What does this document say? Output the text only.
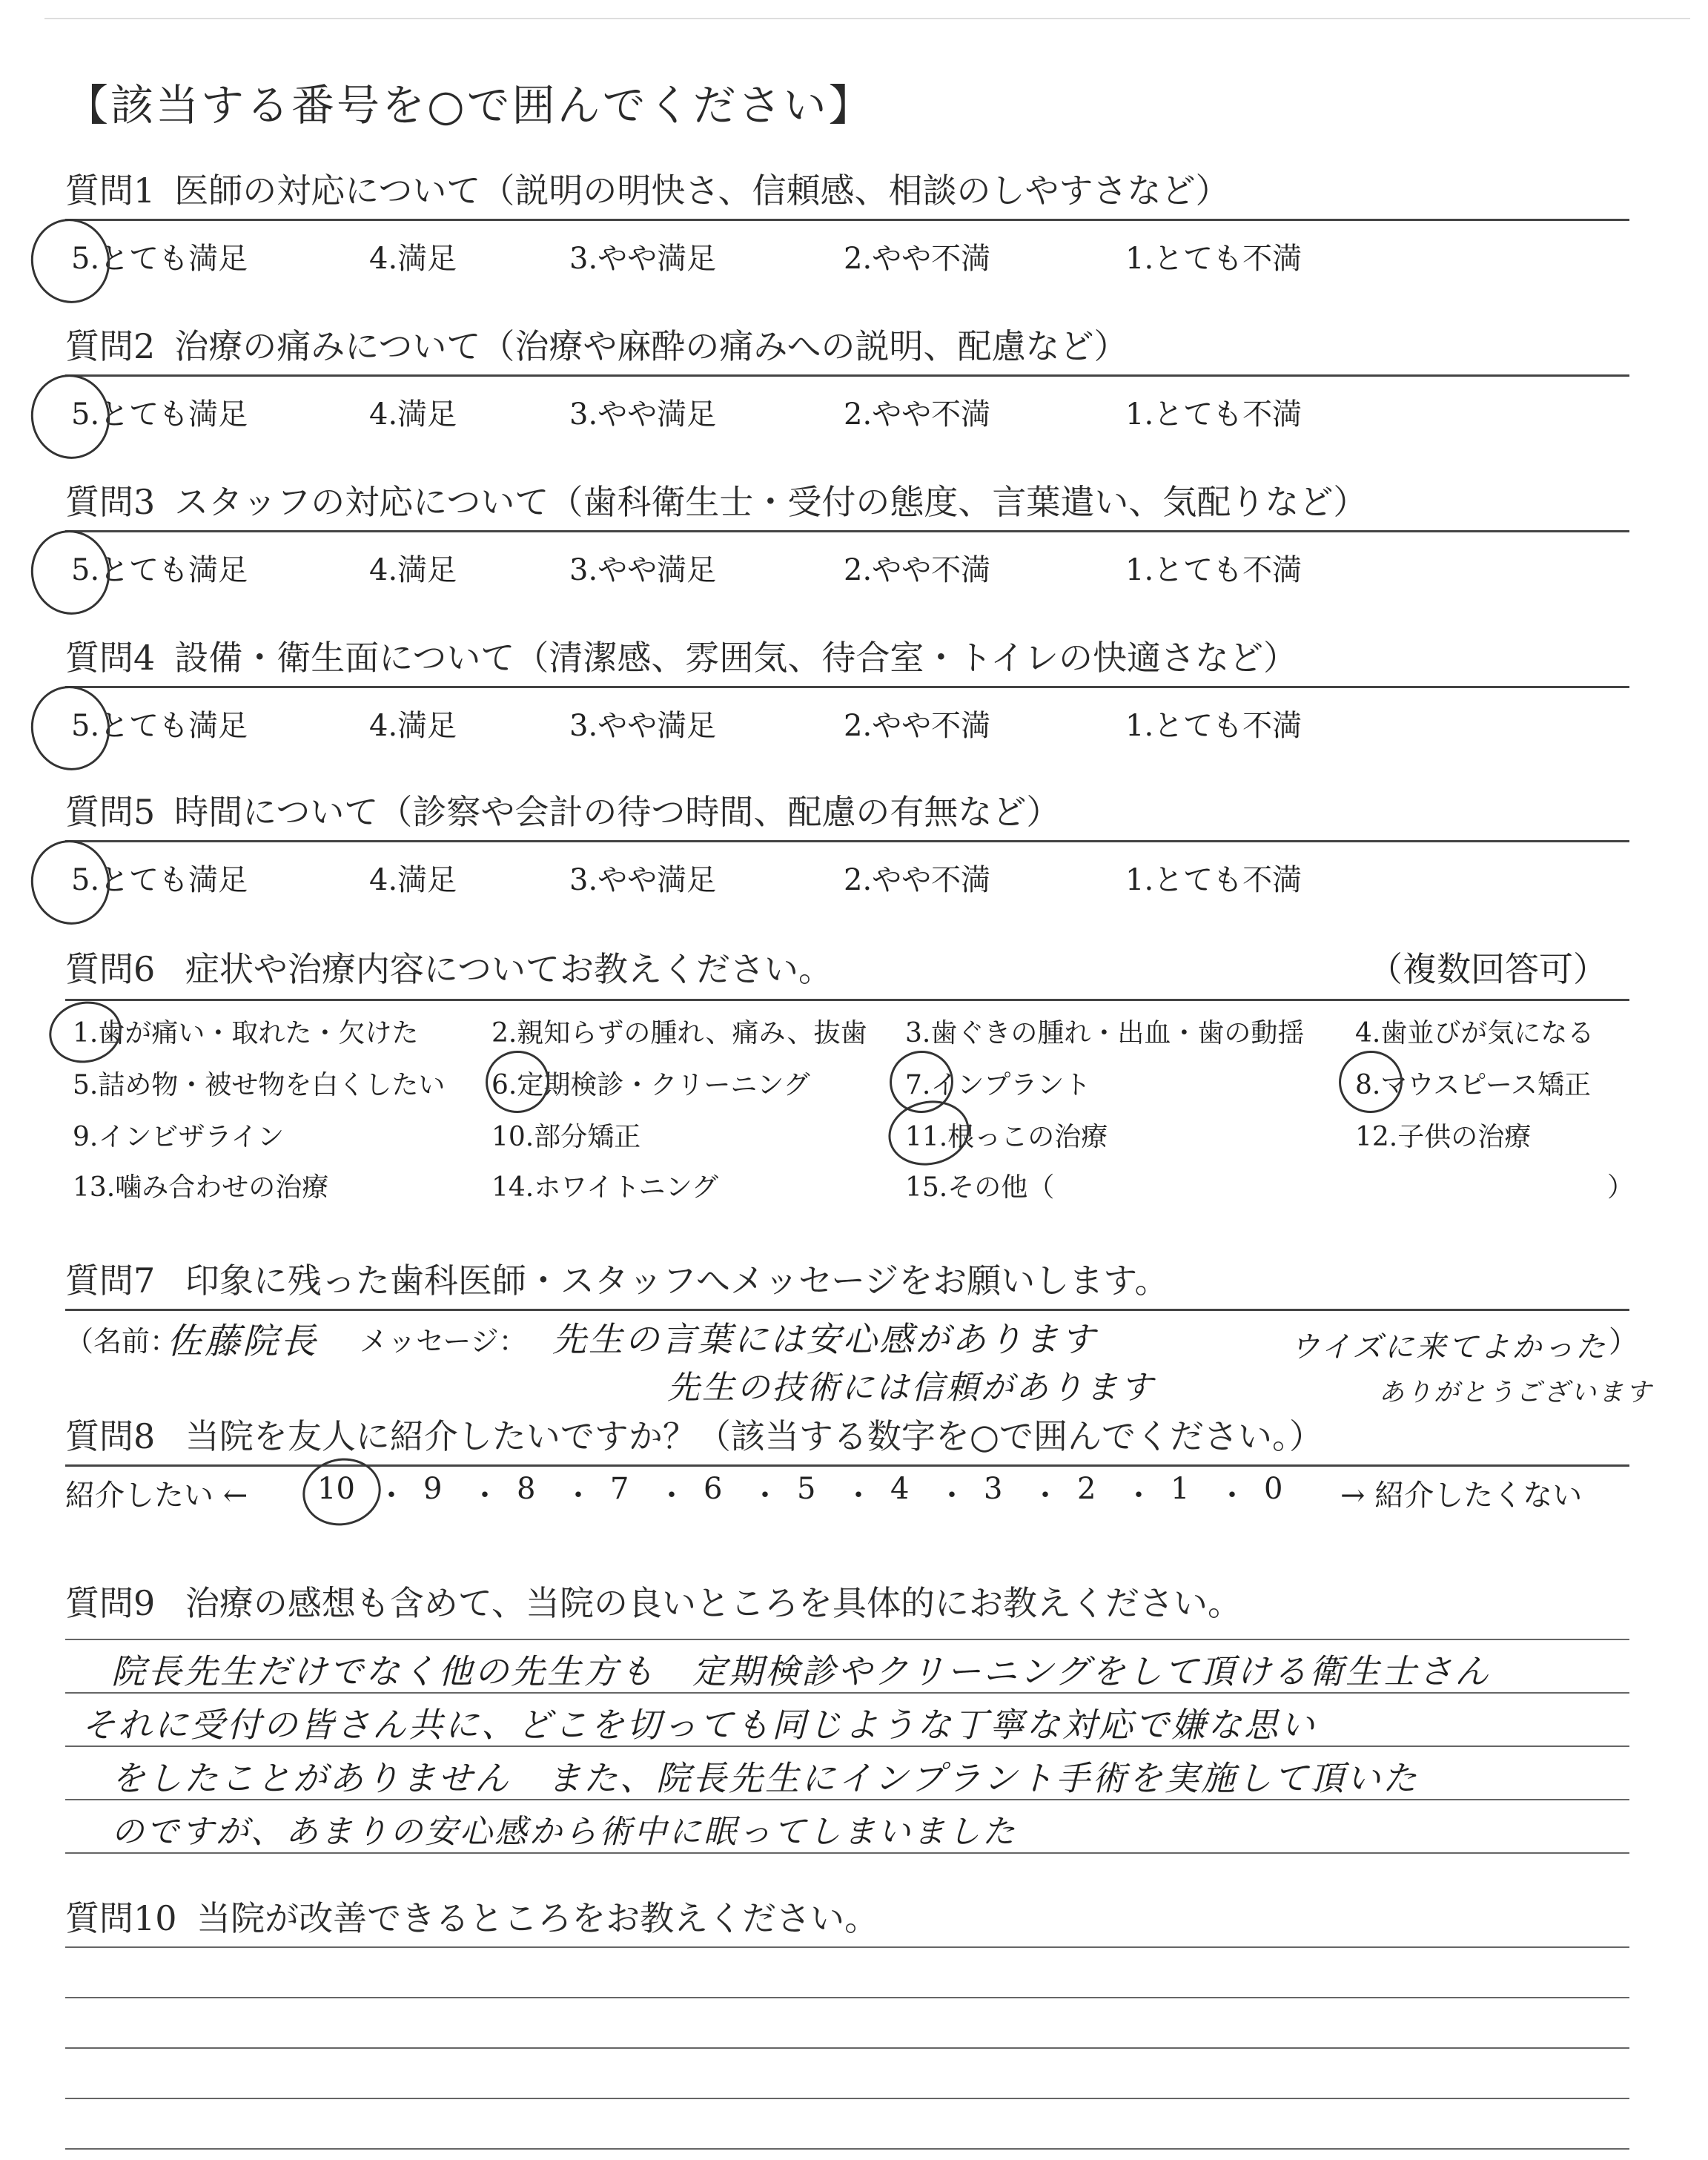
【該当する番号を○で囲んでください】
質問1 医師の対応について（説明の明快さ、信頼感、相談のしやすさなど）
5.とても満足	4.満足	3.やや満足	2.やや不満	1.とても不満
質問2 治療の痛みについて（治療や麻酔の痛みへの説明、配慮など）
5.とても満足	4.満足	3.やや満足	2.やや不満	1.とても不満
質問3 スタッフの対応について（歯科衛生士・受付の態度、言葉遣い、気配りなど）
5.とても満足	4.満足	3.やや満足	2.やや不満	1.とても不満
質問4 設備・衛生面について（清潔感、雰囲気、待合室・トイレの快適さなど）
5.とても満足	4.満足	3.やや満足	2.やや不満	1.とても不満
質問5 時間について（診察や会計の待つ時間、配慮の有無など）
5.とても満足	4.満足	3.やや満足	2.やや不満	1.とても不満
質問6 症状や治療内容についてお教えください。	（複数回答可）
1.歯が痛い・取れた・欠けた	2.親知らずの腫れ、痛み、抜歯 3.歯ぐきの腫れ・出血・歯の動揺 4.歯並びが気になる
5.詰め物・被せ物を白くしたい 6.定期検診・クリーニング	7.インプラント	8.マウスピース矯正
9.インビザライン	10.部分矯正	11.根っこの治療	12.子供の治療
13.噛み合わせの治療	14.ホワイトニング	15.その他（	）
質問7 印象に残った歯科医師・スタッフへメッセージをお願いします。
（名前：
佐藤院長 メッセージ： 先生の言葉には安心感があります
先生の技術には信頼があります
ウイズに来てよかった
ありがとうございます
）
質問8 当院を友人に紹介したいですか？（該当する数字を○で囲んでください。）
紹介したい ← 10 ・ 9 ・ 8 ・ 7 ・ 6 ・ 5 ・ 4 ・ 3 ・ 2 ・ 1 ・ 0 → 紹介したくない
質問9 治療の感想も含めて、当院の良いところを具体的にお教えください。
院長先生だけでなく他の先生方も　定期検診やクリーニングをして頂ける衛生士さん
それに受付の皆さん共に、どこを切っても同じような丁寧な対応で嫌な思い
をしたことがありません　また、院長先生にインプラント手術を実施して頂いた
のですが、あまりの安心感から術中に眠ってしまいました
質問10 当院が改善できるところをお教えください。
